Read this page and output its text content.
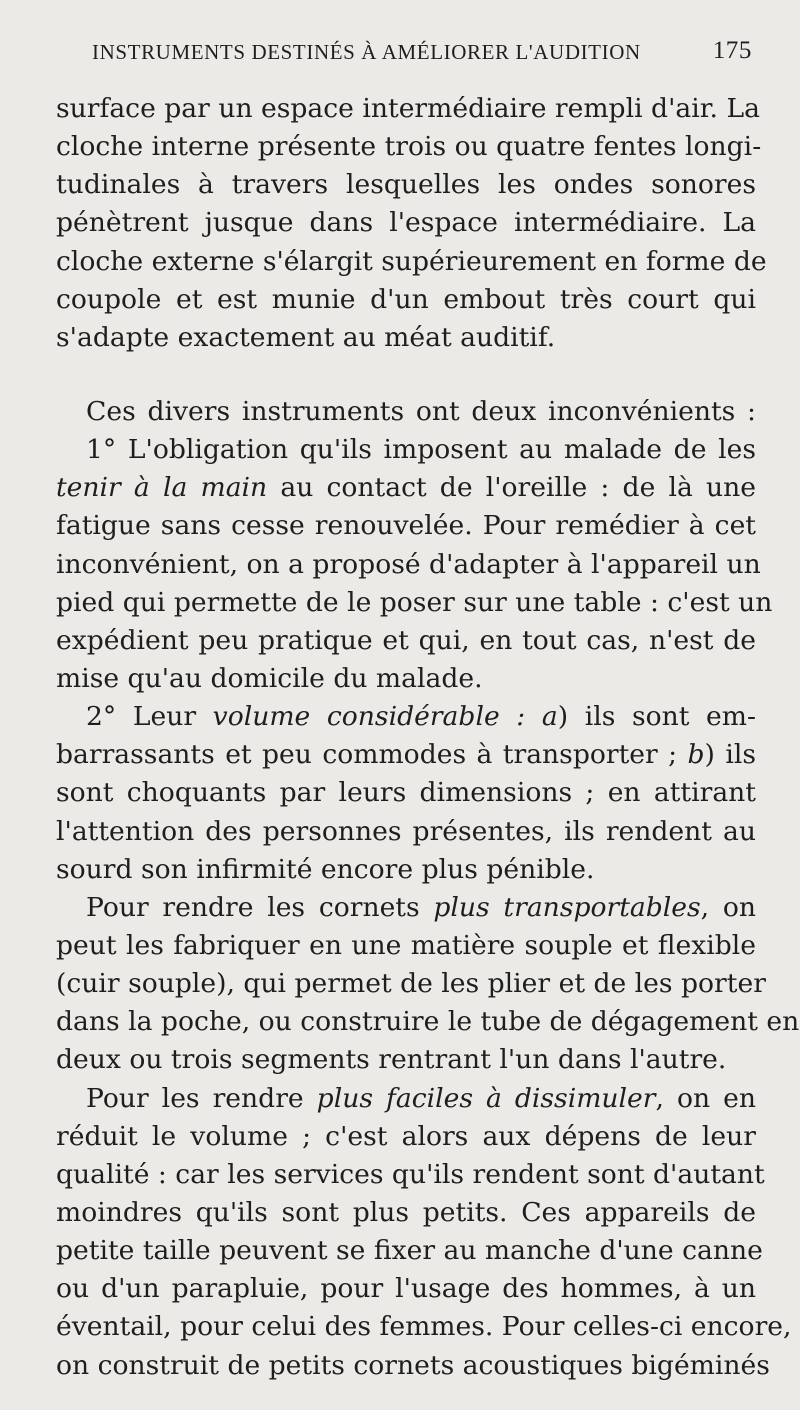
INSTRUMENTS DESTINÉS À AMÉLIORER L'AUDITION	175
surface par un espace intermédiaire rempli d'air. La
cloche interne présente trois ou quatre fentes longi-
tudinales à travers lesquelles les ondes sonores
pénètrent jusque dans l'espace intermédiaire. La
cloche externe s'élargit supérieurement en forme de
coupole et est munie d'un embout très court qui
s'adapte exactement au méat auditif.
Ces divers instruments ont deux inconvénients :
1° L'obligation qu'ils imposent au malade de les
tenir à la main au contact de l'oreille : de là une
fatigue sans cesse renouvelée. Pour remédier à cet
inconvénient, on a proposé d'adapter à l'appareil un
pied qui permette de le poser sur une table : c'est un
expédient peu pratique et qui, en tout cas, n'est de
mise qu'au domicile du malade.
2° Leur volume considérable : a) ils sont em-
barrassants et peu commodes à transporter ; b) ils
sont choquants par leurs dimensions ; en attirant
l'attention des personnes présentes, ils rendent au
sourd son infirmité encore plus pénible.
Pour rendre les cornets plus transportables, on
peut les fabriquer en une matière souple et flexible
(cuir souple), qui permet de les plier et de les porter
dans la poche, ou construire le tube de dégagement en
deux ou trois segments rentrant l'un dans l'autre.
Pour les rendre plus faciles à dissimuler, on en
réduit le volume ; c'est alors aux dépens de leur
qualité : car les services qu'ils rendent sont d'autant
moindres qu'ils sont plus petits. Ces appareils de
petite taille peuvent se fixer au manche d'une canne
ou d'un parapluie, pour l'usage des hommes, à un
éventail, pour celui des femmes. Pour celles-ci encore,
on construit de petits cornets acoustiques bigéminés
